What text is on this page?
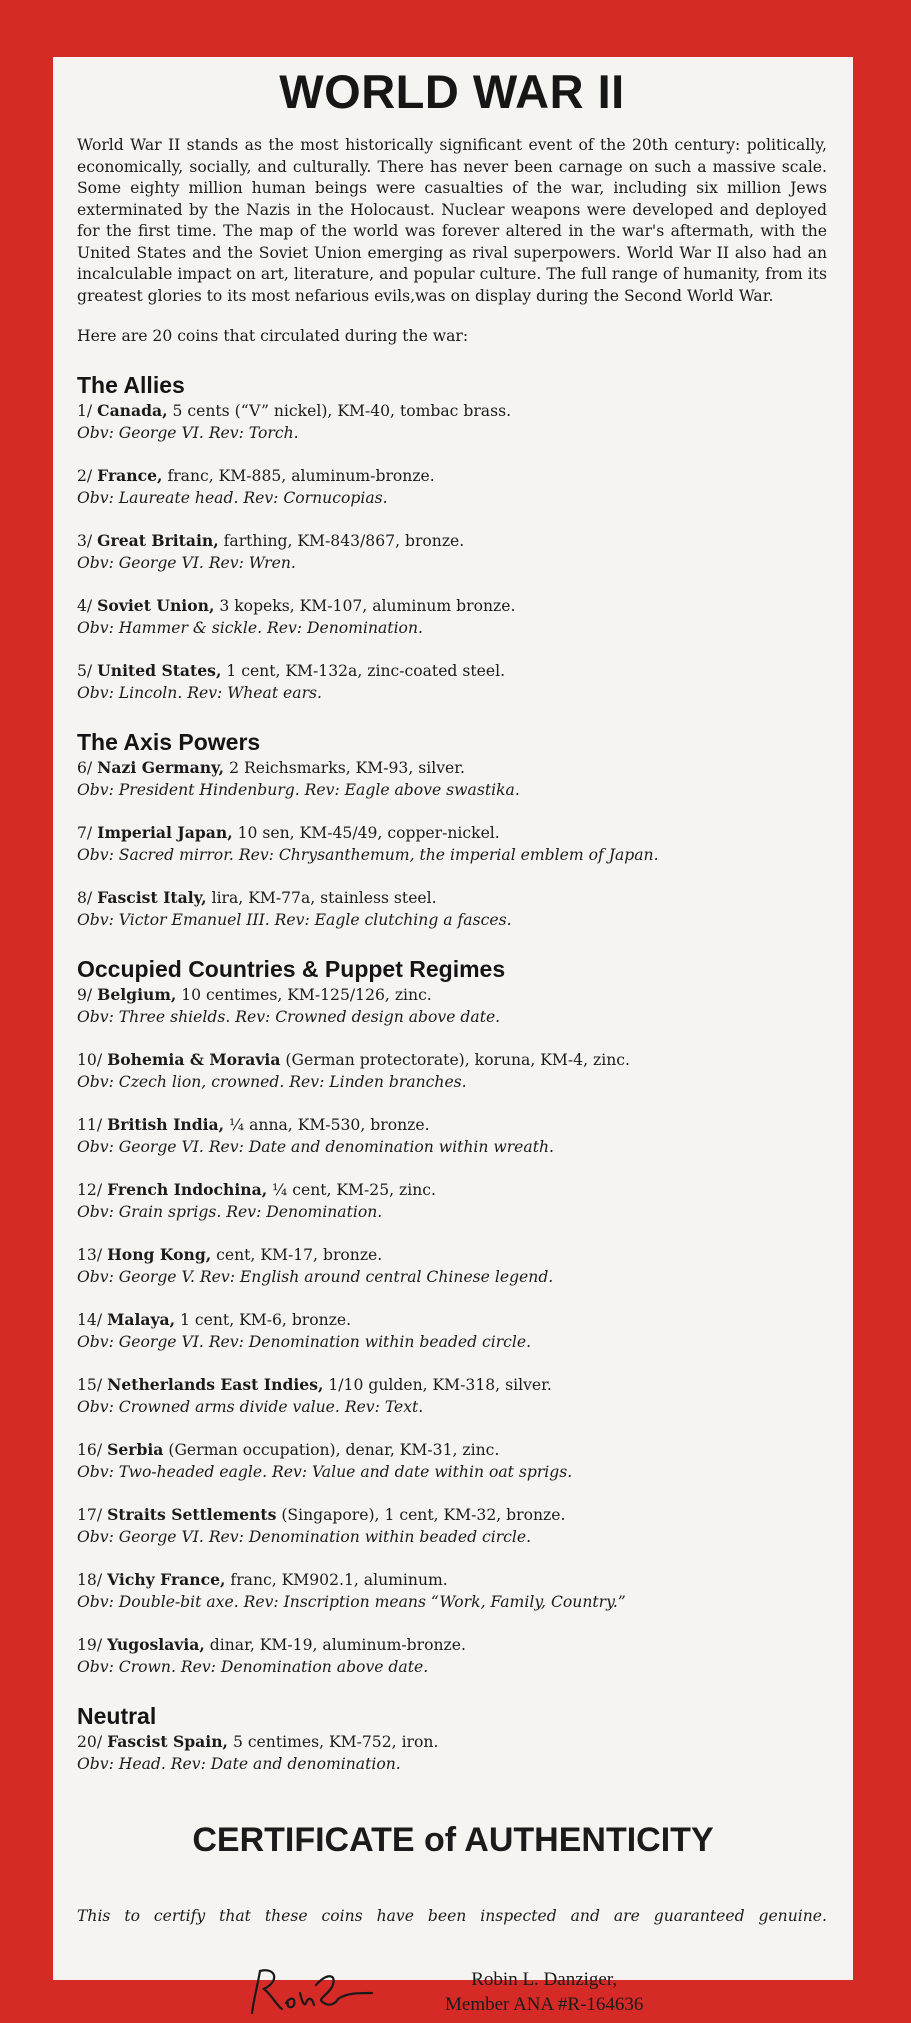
WORLD WAR II

World War II stands as the most historically significant event of the 20th century: politically, economically, socially, and culturally. There has never been carnage on such a massive scale. Some eighty million human beings were casualties of the war, including six million Jews exterminated by the Nazis in the Holocaust. Nuclear weapons were developed and deployed for the first time. The map of the world was forever altered in the war's aftermath, with the United States and the Soviet Union emerging as rival superpowers. World War II also had an incalculable impact on art, literature, and popular culture. The full range of humanity, from its greatest glories to its most nefarious evils,was on display during the Second World War.

Here are 20 coins that circulated during the war:

The Allies
1/ Canada, 5 cents (“V” nickel), KM-40, tombac brass.
Obv: George VI. Rev: Torch.
2/ France, franc, KM-885, aluminum-bronze.
Obv: Laureate head. Rev: Cornucopias.
3/ Great Britain, farthing, KM-843/867, bronze.
Obv: George VI. Rev: Wren.
4/ Soviet Union, 3 kopeks, KM-107, aluminum bronze.
Obv: Hammer & sickle. Rev: Denomination.
5/ United States, 1 cent, KM-132a, zinc-coated steel.
Obv: Lincoln. Rev: Wheat ears.
The Axis Powers
6/ Nazi Germany, 2 Reichsmarks, KM-93, silver.
Obv: President Hindenburg. Rev: Eagle above swastika.
7/ Imperial Japan, 10 sen, KM-45/49, copper-nickel.
Obv: Sacred mirror. Rev: Chrysanthemum, the imperial emblem of Japan.
8/ Fascist Italy, lira, KM-77a, stainless steel.
Obv: Victor Emanuel III. Rev: Eagle clutching a fasces.
Occupied Countries & Puppet Regimes
9/ Belgium, 10 centimes, KM-125/126, zinc.
Obv: Three shields. Rev: Crowned design above date.
10/ Bohemia & Moravia (German protectorate), koruna, KM-4, zinc.
Obv: Czech lion, crowned. Rev: Linden branches.
11/ British India, ¼ anna, KM-530, bronze.
Obv: George VI. Rev: Date and denomination within wreath.
12/ French Indochina, ¼ cent, KM-25, zinc.
Obv: Grain sprigs. Rev: Denomination.
13/ Hong Kong, cent, KM-17, bronze.
Obv: George V. Rev: English around central Chinese legend.
14/ Malaya, 1 cent, KM-6, bronze.
Obv: George VI. Rev: Denomination within beaded circle.
15/ Netherlands East Indies, 1/10 gulden, KM-318, silver.
Obv: Crowned arms divide value. Rev: Text.
16/ Serbia (German occupation), denar, KM-31, zinc.
Obv: Two-headed eagle. Rev: Value and date within oat sprigs.
17/ Straits Settlements (Singapore), 1 cent, KM-32, bronze.
Obv: George VI. Rev: Denomination within beaded circle.
18/ Vichy France, franc, KM902.1, aluminum.
Obv: Double-bit axe. Rev: Inscription means “Work, Family, Country.”
19/ Yugoslavia, dinar, KM-19, aluminum-bronze.
Obv: Crown. Rev: Denomination above date.
Neutral
20/ Fascist Spain, 5 centimes, KM-752, iron.
Obv: Head. Rev: Date and denomination.
CERTIFICATE of AUTHENTICITY
This to certify that these coins have been inspected and are guaranteed genuine.
Robin L. Danziger,
Member ANA #R-164636
